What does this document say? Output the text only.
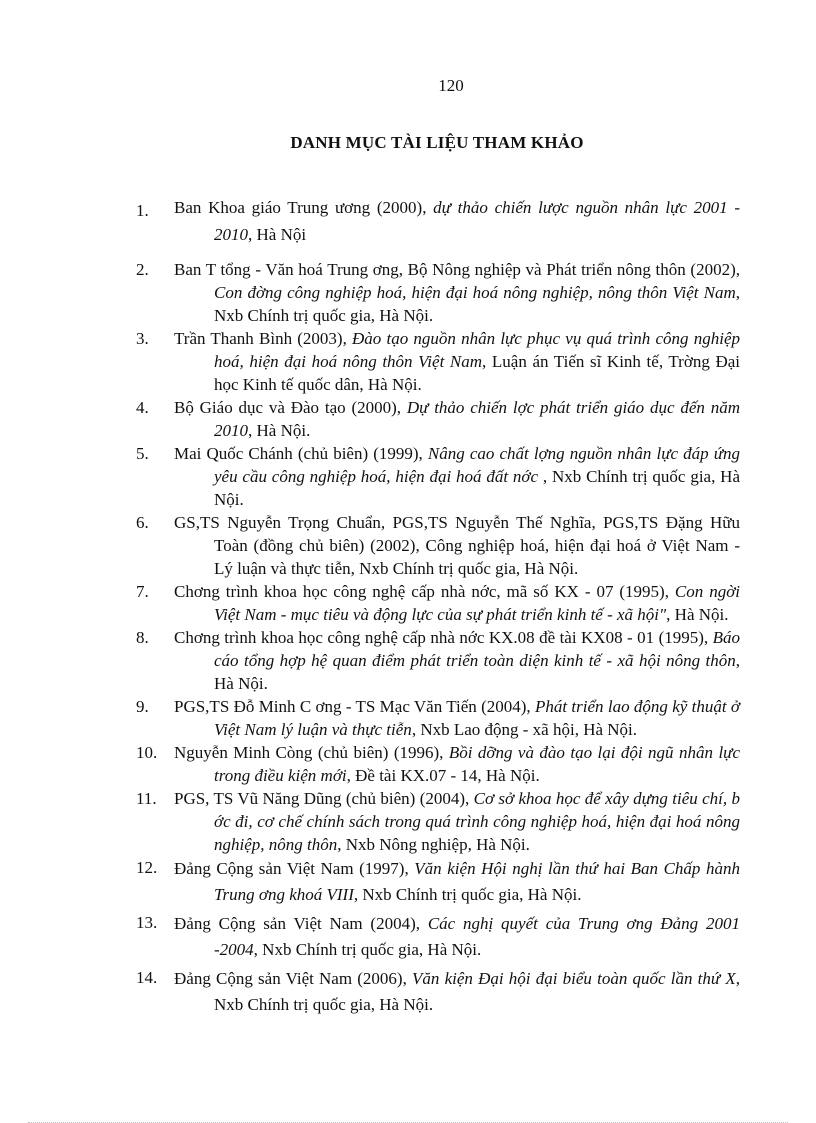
120
DANH MỤC TÀI LIỆU THAM KHẢO
1.	Ban Khoa giáo Trung ương (2000), dự thảo chiến lược nguồn nhân lực 2001 - 2010, Hà Nội
2.	Ban T tổng - Văn hoá Trung ơng, Bộ Nông nghiệp và Phát triển nông thôn (2002), Con đờng công nghiệp hoá, hiện đại hoá nông nghiệp, nông thôn Việt Nam, Nxb Chính trị quốc gia, Hà Nội.
3.	Trần Thanh Bình (2003), Đào tạo nguồn nhân lực phục vụ quá trình công nghiệp hoá, hiện đại hoá nông thôn Việt Nam, Luận án Tiến sĩ Kinh tế, Trờng Đại học Kinh tế quốc dân, Hà Nội.
4.	Bộ Giáo dục và Đào tạo (2000), Dự thảo chiến lợc phát triển giáo dục đến năm 2010, Hà Nội.
5.	Mai Quốc Chánh (chủ biên) (1999), Nâng cao chất lợng nguồn nhân lực đáp ứng yêu cầu công nghiệp hoá, hiện đại hoá đất nớc , Nxb Chính trị quốc gia, Hà Nội.
6.	GS,TS Nguyễn Trọng Chuẩn, PGS,TS Nguyễn Thế Nghĩa, PGS,TS Đặng Hữu Toàn (đồng chủ biên) (2002), Công nghiệp hoá, hiện đại hoá ở Việt Nam - Lý luận và thực tiễn, Nxb Chính trị quốc gia, Hà Nội.
7.	Chơng trình khoa học công nghệ cấp nhà nớc, mã số KX - 07 (1995), Con ngời Việt Nam - mục tiêu và động lực của sự phát triển kinh tế - xã hội", Hà Nội.
8.	Chơng trình khoa học công nghệ cấp nhà nớc KX.08 đề tài KX08 - 01 (1995), Báo cáo tổng hợp hệ quan điểm phát triển toàn diện kinh tế - xã hội nông thôn, Hà Nội.
9.	PGS,TS Đỗ Minh C ơng - TS Mạc Văn Tiến (2004), Phát triển lao động kỹ thuật ở Việt Nam lý luận và thực tiễn, Nxb Lao động - xã hội, Hà Nội.
10. Nguyễn Minh Còng (chủ biên) (1996), Bồi dỡng và đào tạo lại đội ngũ nhân lực trong điều kiện mới, Đề tài KX.07 - 14, Hà Nội.
11.	PGS, TS Vũ Năng Dũng (chủ biên) (2004), Cơ sở khoa học để xây dựng tiêu chí, b ớc đi, cơ chế chính sách trong quá trình công nghiệp hoá, hiện đại hoá nông nghiệp, nông thôn, Nxb Nông nghiệp, Hà Nội.
12. Đảng Cộng sản Việt Nam (1997), Văn kiện Hội nghị lần thứ hai Ban Chấp hành Trung ơng khoá VIII, Nxb Chính trị quốc gia, Hà Nội.
13. Đảng Cộng sản Việt Nam (2004), Các nghị quyết của Trung ơng Đảng 2001 -2004, Nxb Chính trị quốc gia, Hà Nội.
14. Đảng Cộng sản Việt Nam (2006), Văn kiện Đại hội đại biểu toàn quốc lần thứ X, Nxb Chính trị quốc gia, Hà Nội.
